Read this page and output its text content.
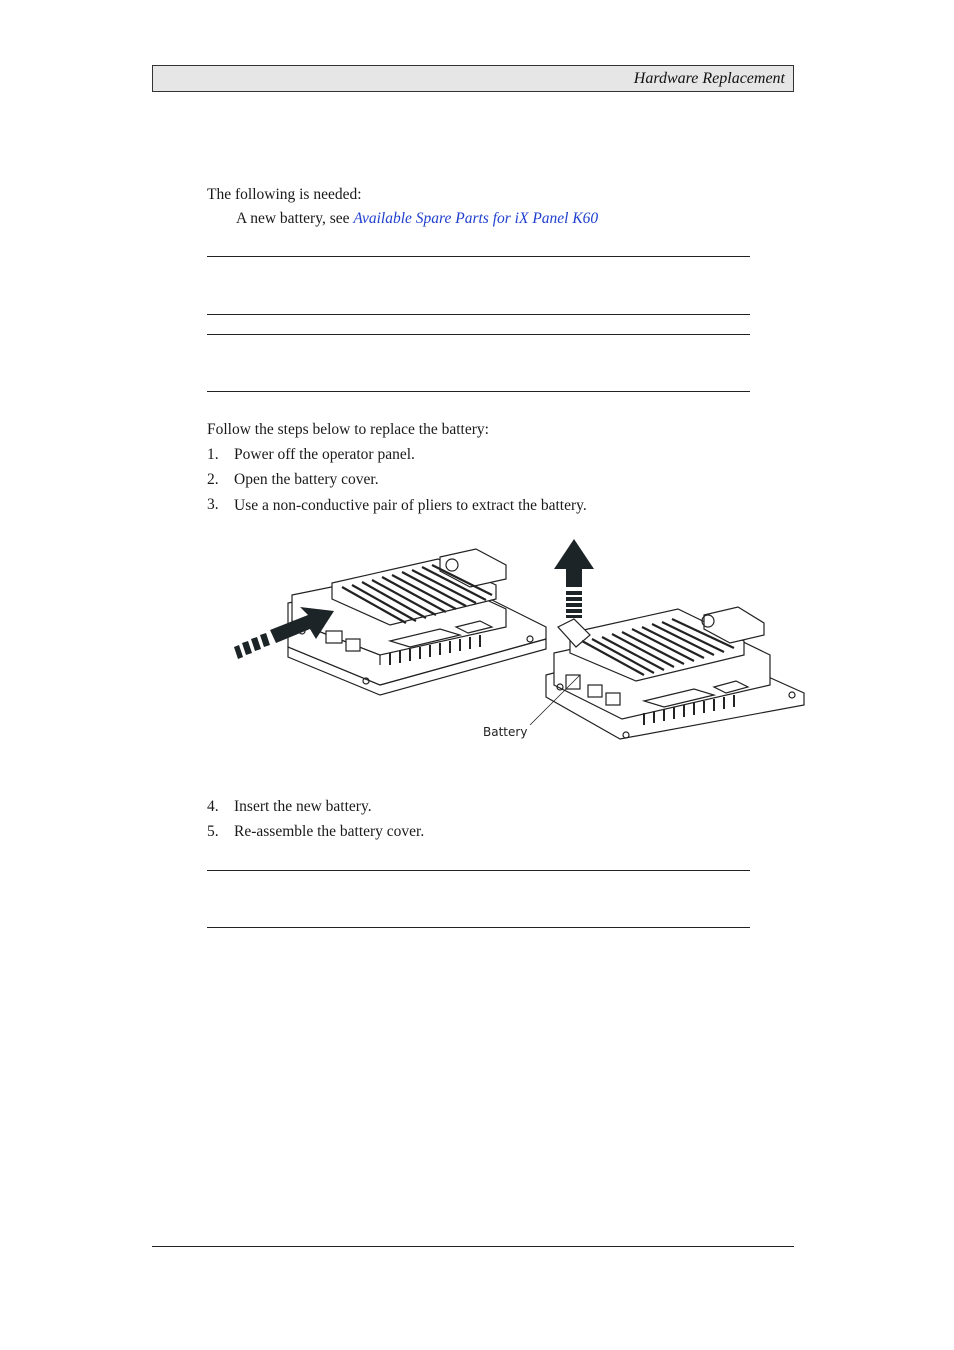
Hardware Replacement
The following is needed:
A new battery, see Available Spare Parts for iX Panel K60
Follow the steps below to replace the battery:
1. Power off the operator panel.
2. Open the battery cover.
3. Use a non-conductive pair of pliers to extract the battery.
Battery
4. Insert the new battery.
5. Re-assemble the battery cover.
